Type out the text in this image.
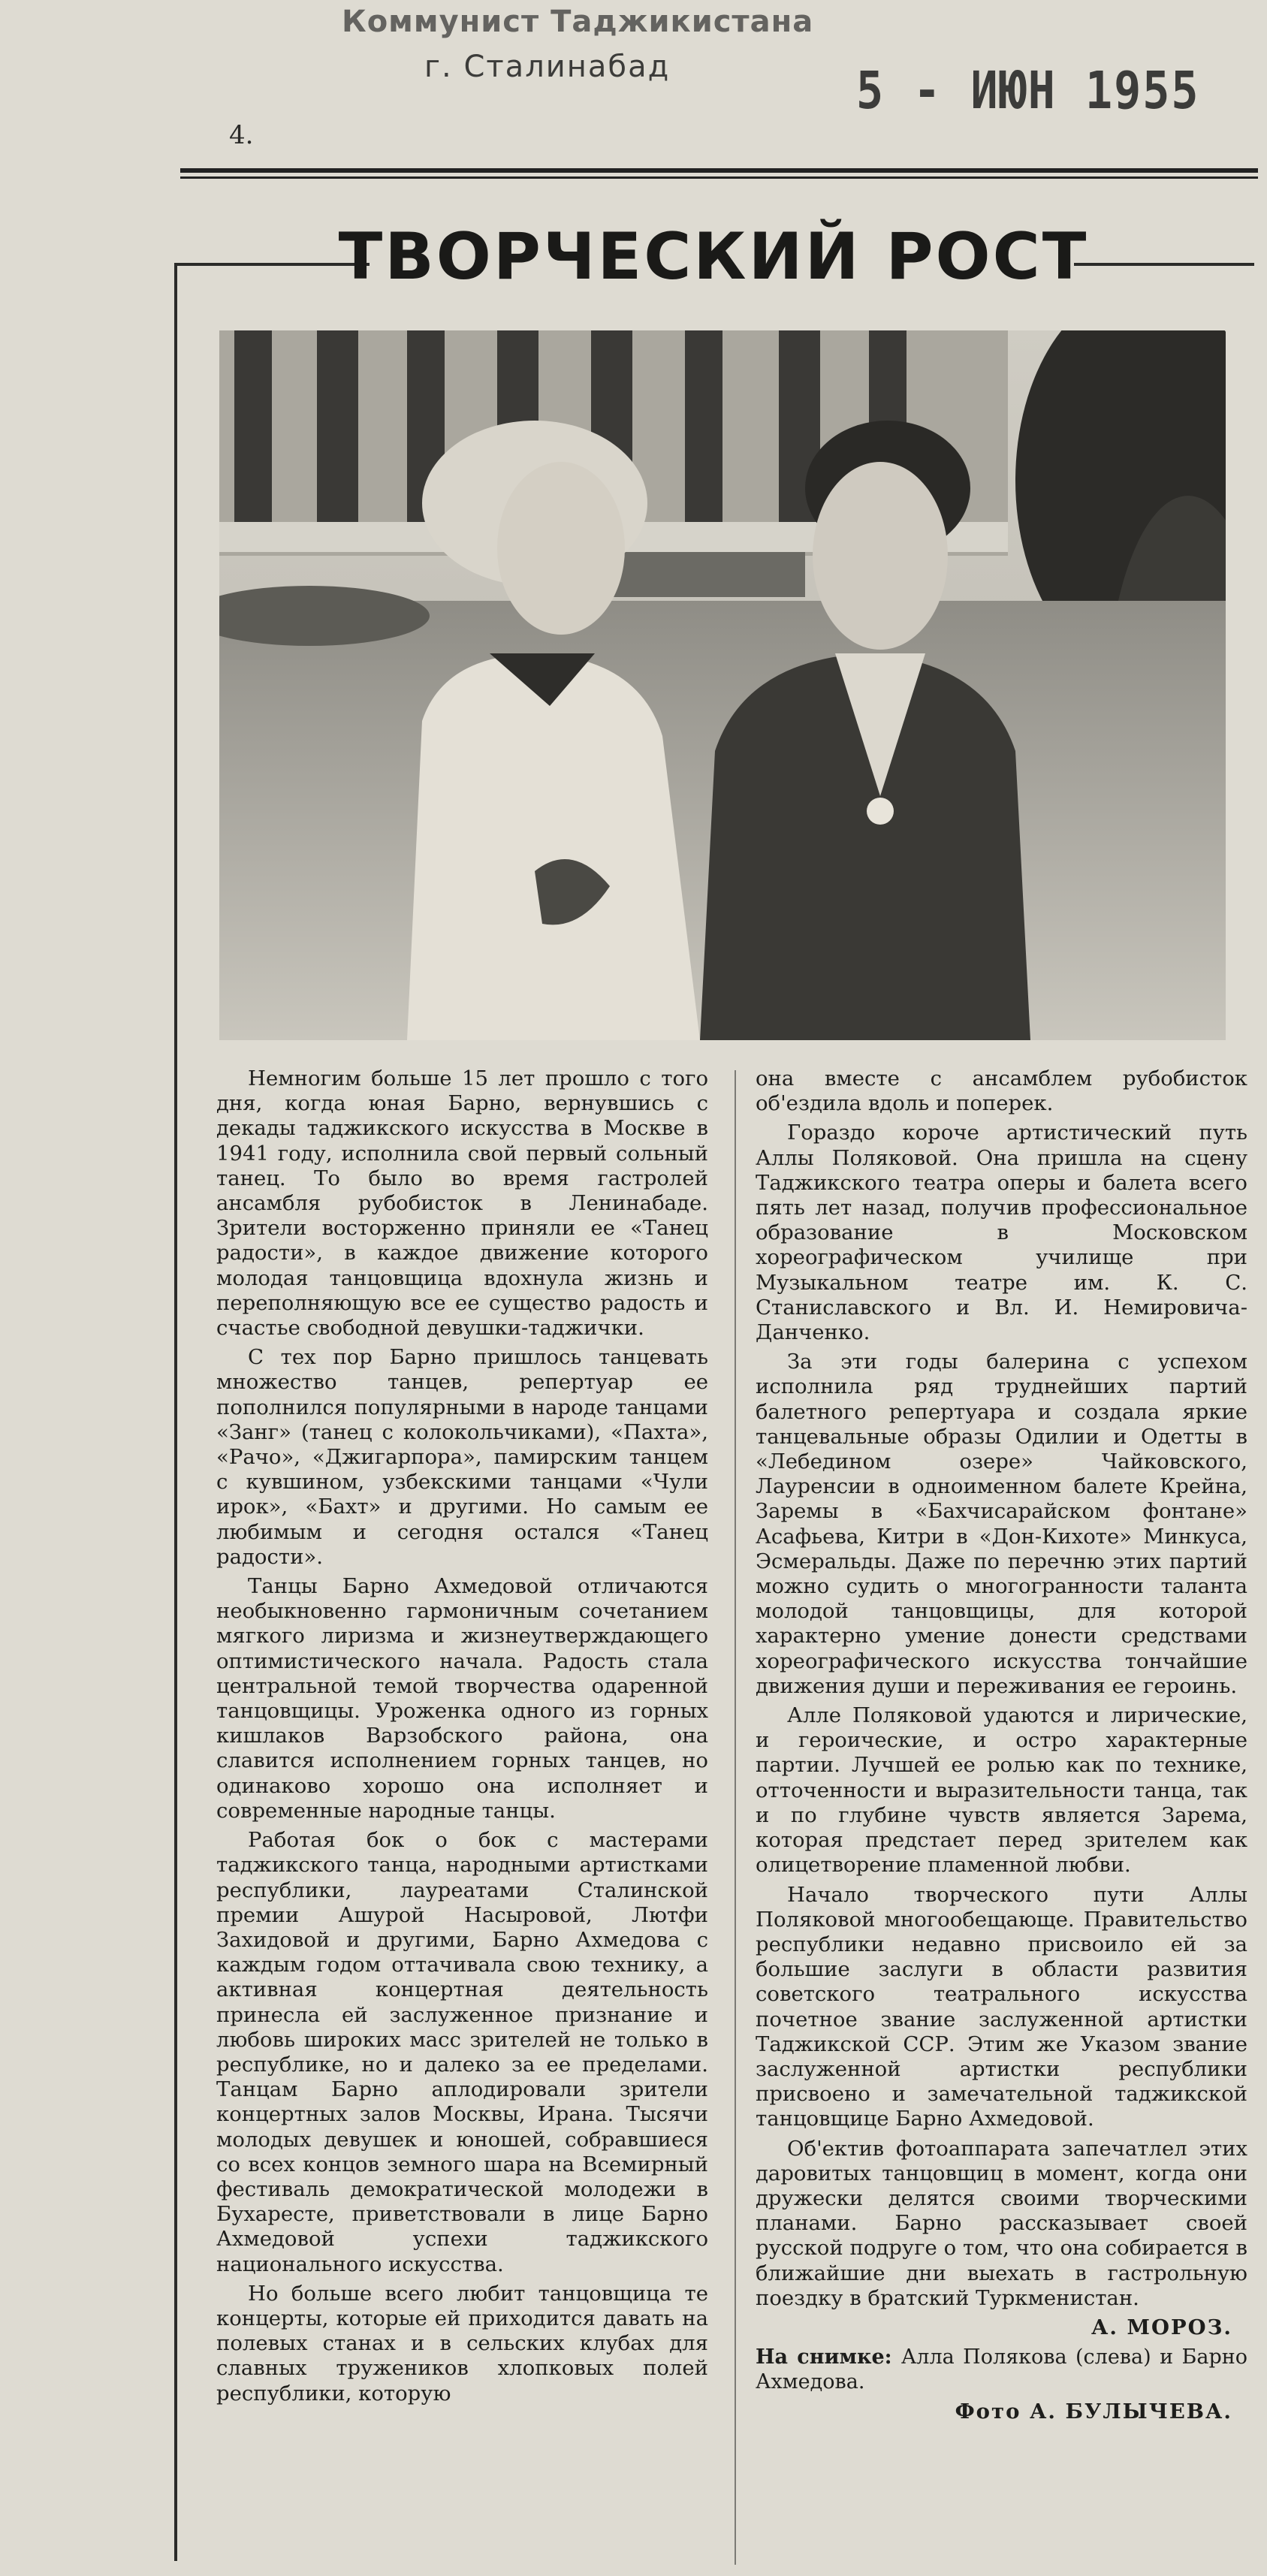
Коммунист Таджикистана
г. Сталинабад	5 - ИЮН 1955
4.
ТВОРЧЕСКИЙ РОСТ

Немногим больше 15 лет прошло с того дня, когда юная Барно, вернувшись с декады таджикского искусства в Москве в 1941 году, исполнила свой первый сольный танец. То было во время гастролей ансамбля рубобисток в Ленинабаде. Зрители восторженно приняли ее «Танец радости», в каждое движение которого молодая танцовщица вдохнула жизнь и переполняющую все ее существо радость и счастье свободной девушки-таджички.

С тех пор Барно пришлось танцевать множество танцев, репертуар ее пополнился популярными в народе танцами «Занг» (танец с колокольчиками), «Пахта», «Рачо», «Джигарпора», памирским танцем с кувшином, узбекскими танцами «Чули ирок», «Бахт» и другими. Но самым ее любимым и сегодня остался «Танец радости».

Танцы Барно Ахмедовой отличаются необыкновенно гармоничным сочетанием мягкого лиризма и жизнеутверждающего оптимистического начала. Радость стала центральной темой творчества одаренной танцовщицы. Уроженка одного из горных кишлаков Варзобского района, она славится исполнением горных танцев, но одинаково хорошо она исполняет и современные народные танцы.

Работая бок о бок с мастерами таджикского танца, народными артистками республики, лауреатами Сталинской премии Ашурой Насыровой, Лютфи Захидовой и другими, Барно Ахмедова с каждым годом оттачивала свою технику, а активная концертная деятельность принесла ей заслуженное признание и любовь широких масс зрителей не только в республике, но и далеко за ее пределами. Танцам Барно аплодировали зрители концертных залов Москвы, Ирана. Тысячи молодых девушек и юношей, собравшиеся со всех концов земного шара на Всемирный фестиваль демократической молодежи в Бухаресте, приветствовали в лице Барно Ахмедовой успехи таджикского национального искусства.

Но больше всего любит танцовщица те концерты, которые ей приходится давать на полевых станах и в сельских клубах для славных тружеников хлопковых полей республики, которую

она вместе с ансамблем рубобисток об'ездила вдоль и поперек.

Гораздо короче артистический путь Аллы Поляковой. Она пришла на сцену Таджикского театра оперы и балета всего пять лет назад, получив профессиональное образование в Московском хореографическом училище при Музыкальном театре им. К. С. Станиславского и Вл. И. Немировича-Данченко.

За эти годы балерина с успехом исполнила ряд труднейших партий балетного репертуара и создала яркие танцевальные образы Одилии и Одетты в «Лебедином озере» Чайковского, Лауренсии в одноименном балете Крейна, Заремы в «Бахчисарайском фонтане» Асафьева, Китри в «Дон-Кихоте» Минкуса, Эсмеральды. Даже по перечню этих партий можно судить о многогранности таланта молодой танцовщицы, для которой характерно умение донести средствами хореографического искусства тончайшие движения души и переживания ее героинь.

Алле Поляковой удаются и лирические, и героические, и остро характерные партии. Лучшей ее ролью как по технике, отточенности и выразительности танца, так и по глубине чувств является Зарема, которая предстает перед зрителем как олицетворение пламенной любви.

Начало творческого пути Аллы Поляковой многообещающе. Правительство республики недавно присвоило ей за большие заслуги в области развития советского театрального искусства почетное звание заслуженной артистки Таджикской ССР. Этим же Указом звание заслуженной артистки республики присвоено и замечательной таджикской танцовщице Барно Ахмедовой.

Об'ектив фотоаппарата запечатлел этих даровитых танцовщиц в момент, когда они дружески делятся своими творческими планами. Барно рассказывает своей русской подруге о том, что она собирается в ближайшие дни выехать в гастрольную поездку в братский Туркменистан.

А. МОРОЗ.

На снимке: Алла Полякова (слева) и Барно Ахмедова.

Фото А. БУЛЫЧЕВА.
